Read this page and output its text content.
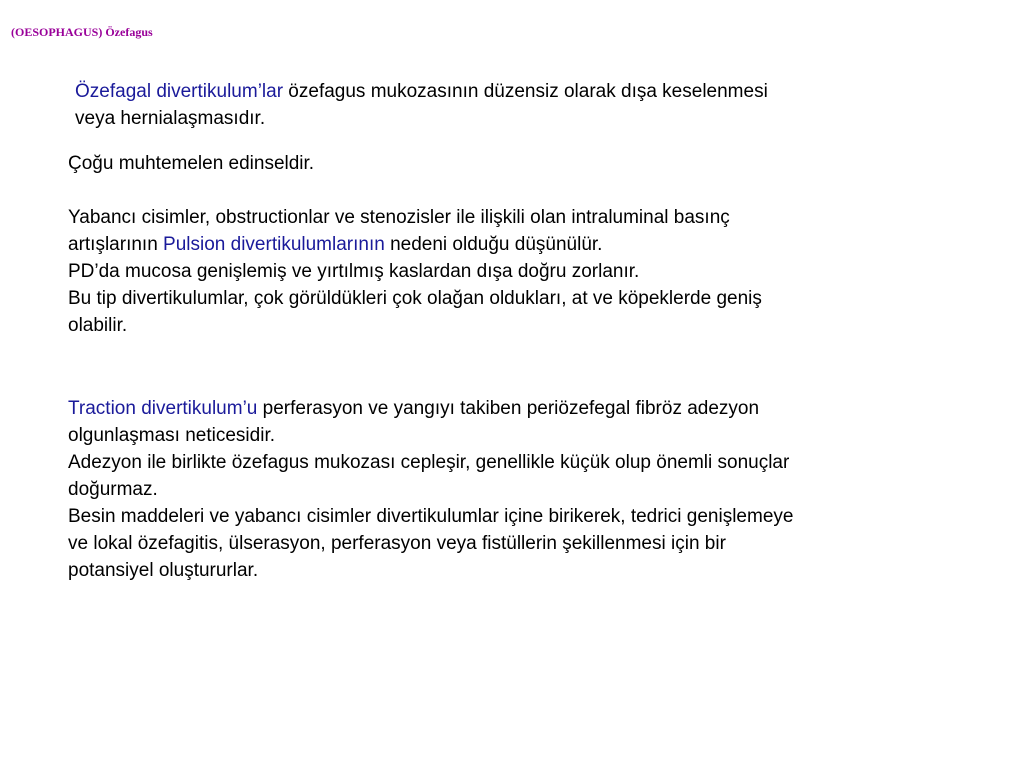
(OESOPHAGUS) Özefagus
Özefagal divertikulum’lar özefagus mukozasının düzensiz olarak dışa keselenmesi
veya hernialaşmasıdır.
Çoğu muhtemelen edinseldir.
Yabancı cisimler, obstructionlar ve stenozisler ile ilişkili olan intraluminal basınç
artışlarının Pulsion divertikulumlarının nedeni olduğu düşünülür.
PD’da mucosa genişlemiş ve yırtılmış kaslardan dışa doğru zorlanır.
Bu tip divertikulumlar, çok görüldükleri çok olağan oldukları, at ve köpeklerde geniş
olabilir.
Traction divertikulum’u perferasyon ve yangıyı takiben periözefegal fibröz adezyon
olgunlaşması neticesidir.
Adezyon ile birlikte özefagus mukozası cepleşir, genellikle küçük olup önemli sonuçlar
doğurmaz.
Besin maddeleri ve yabancı cisimler divertikulumlar içine birikerek, tedrici genişlemeye
ve lokal özefagitis, ülserasyon, perferasyon veya fistüllerin şekillenmesi için bir
potansiyel oluştururlar.
